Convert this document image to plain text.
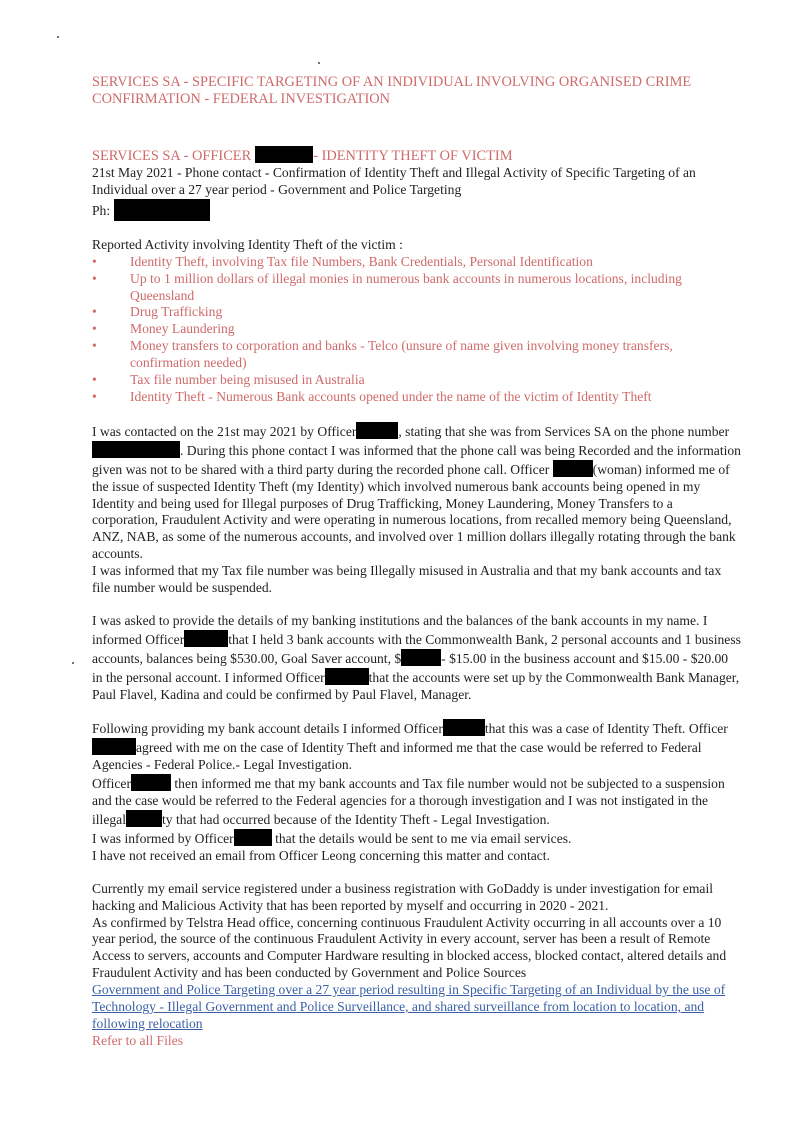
SERVICES SA - SPECIFIC TARGETING OF AN INDIVIDUAL INVOLVING ORGANISED CRIME
CONFIRMATION - FEDERAL INVESTIGATION
SERVICES SA - OFFICER	- IDENTITY THEFT OF VICTIM

21st May 2021 - Phone contact - Confirmation of Identity Theft and Illegal Activity of Specific Targeting of an Individual over a 27 year period - Government and Police Targeting

Ph:

Reported Activity involving Identity Theft of the victim :

• Identity Theft, involving Tax file Numbers, Bank Credentials, Personal Identification
• Up to 1 million dollars of illegal monies in numerous bank accounts in numerous locations, including Queensland
• Drug Trafficking
• Money Laundering
• Money transfers to corporation and banks - Telco (unsure of name given involving money transfers, confirmation needed)
• Tax file number being misused in Australia
• Identity Theft - Numerous Bank accounts opened under the name of the victim of Identity Theft

I was contacted on the 21st may 2021 by Officer	, stating that she was from Services SA on the phone number . During this phone contact I was informed that the phone call was being Recorded and the information given was not to be shared with a third party during the recorded phone call. Officer	(woman) informed me of the issue of suspected Identity Theft (my Identity) which involved numerous bank accounts being opened in my Identity and being used for Illegal purposes of Drug Trafficking, Money Laundering, Money Transfers to a corporation, Fraudulent Activity and were operating in numerous locations, from recalled memory being Queensland, ANZ, NAB, as some of the numerous accounts, and involved over 1 million dollars illegally rotating through the bank accounts.
I was informed that my Tax file number was being Illegally misused in Australia and that my bank accounts and tax file number would be suspended.

I was asked to provide the details of my banking institutions and the balances of the bank accounts in my name. I informed Officer	that I held 3 bank accounts with the Commonwealth Bank, 2 personal accounts and 1 business accounts, balances being $530.00, Goal Saver account, $	- $15.00 in the business account and $15.00 - $20.00 in the personal account. I informed Officer	that the accounts were set up by the Commonwealth Bank Manager, Paul Flavel, Kadina and could be confirmed by Paul Flavel, Manager.

Following providing my bank account details I informed Officer	that this was a case of Identity Theft. Officeragreed with me on the case of Identity Theft and informed me that the case would be referred to Federal Agencies - Federal Police.- Legal Investigation.
Officer	then informed me that my bank accounts and Tax file number would not be subjected to a suspension and the case would be referred to the Federal agencies for a thorough investigation and I was not instigated in the illegal	ty that had occurred because of the Identity Theft - Legal Investigation.
I was informed by Officer	that the details would be sent to me via email services.
I have not received an email from Officer Leong concerning this matter and contact.

Currently my email service registered under a business registration with GoDaddy is under investigation for email hacking and Malicious Activity that has been reported by myself and occurring in 2020 - 2021.
As confirmed by Telstra Head office, concerning continuous Fraudulent Activity occurring in all accounts over a 10 year period, the source of the continuous Fraudulent Activity in every account, server has been a result of Remote Access to servers, accounts and Computer Hardware resulting in blocked access, blocked contact, altered details and Fraudulent Activity and has been conducted by Government and Police Sources
Government and Police Targeting over a 27 year period resulting in Specific Targeting of an Individual by the use of Technology - Illegal Government and Police Surveillance, and shared surveillance from location to location, and following relocation
Refer to all Files
